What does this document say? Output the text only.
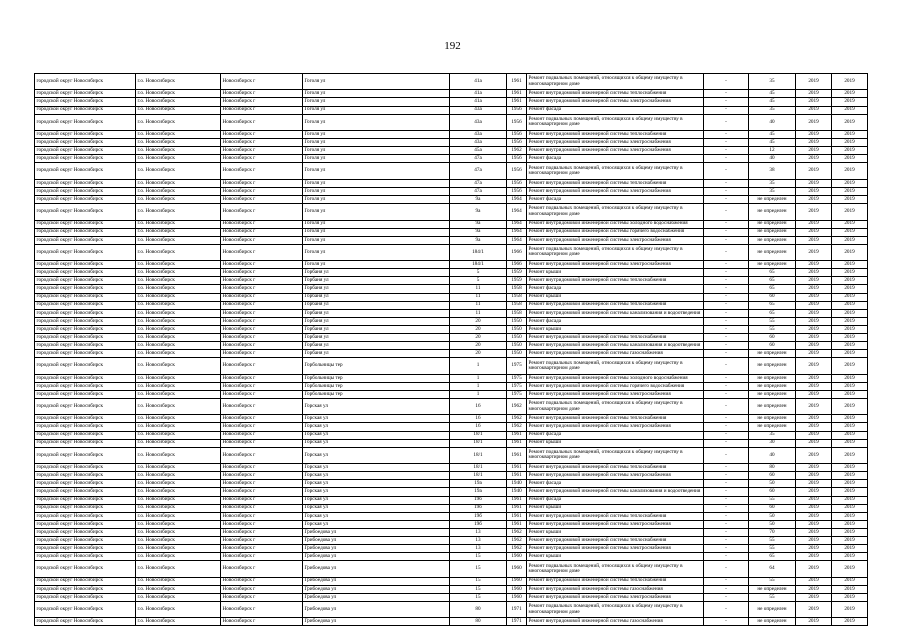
192
городской округ Новосибирск	г.о. Новосибирск	Новосибирск г	Гоголя ул	41а	1961	Ремонт подвальных помещений, относящихся к общему имуществу в многоквартирном доме	-	35	2019	2019
городской округ Новосибирск	г.о. Новосибирск	Новосибирск г	Гоголя ул	41а	1961	Ремонт внутридомовой инженерной системы теплоснабжения	-	45	2019	2019
городской округ Новосибирск	г.о. Новосибирск	Новосибирск г	Гоголя ул	41а	1961	Ремонт внутридомовой инженерной системы электроснабжения	-	45	2019	2019
городской округ Новосибирск	г.о. Новосибирск	Новосибирск г	Гоголя ул	43а	1956	Ремонт фасада	-	35	2019	2019
городской округ Новосибирск	г.о. Новосибирск	Новосибирск г	Гоголя ул	43а	1956	Ремонт подвальных помещений, относящихся к общему имуществу в многоквартирном доме	-	40	2019	2019
городской округ Новосибирск	г.о. Новосибирск	Новосибирск г	Гоголя ул	43а	1956	Ремонт внутридомовой инженерной системы теплоснабжения	-	45	2019	2019
городской округ Новосибирск	г.о. Новосибирск	Новосибирск г	Гоголя ул	43а	1956	Ремонт внутридомовой инженерной системы электроснабжения	-	45	2019	2019
городской округ Новосибирск	г.о. Новосибирск	Новосибирск г	Гоголя ул	45а	1962	Ремонт внутридомовой инженерной системы электроснабжения	-	12	2019	2019
городской округ Новосибирск	г.о. Новосибирск	Новосибирск г	Гоголя ул	47а	1956	Ремонт фасада	-	40	2019	2019
городской округ Новосибирск	г.о. Новосибирск	Новосибирск г	Гоголя ул	47а	1956	Ремонт подвальных помещений, относящихся к общему имуществу в многоквартирном доме	-	38	2019	2019
городской округ Новосибирск	г.о. Новосибирск	Новосибирск г	Гоголя ул	47а	1956	Ремонт внутридомовой инженерной системы теплоснабжения	-	35	2019	2019
городской округ Новосибирск	г.о. Новосибирск	Новосибирск г	Гоголя ул	47а	1956	Ремонт внутридомовой инженерной системы электроснабжения	-	35	2019	2019
городской округ Новосибирск	г.о. Новосибирск	Новосибирск г	Гоголя ул	9а	1964	Ремонт фасада	-	не определен	2019	2019
городской округ Новосибирск	г.о. Новосибирск	Новосибирск г	Гоголя ул	9а	1964	Ремонт подвальных помещений, относящихся к общему имуществу в многоквартирном доме	-	не определен	2019	2019
городской округ Новосибирск	г.о. Новосибирск	Новосибирск г	Гоголя ул	9а	1964	Ремонт внутридомовой инженерной системы холодного водоснабжения	-	не определен	2019	2019
городской округ Новосибирск	г.о. Новосибирск	Новосибирск г	Гоголя ул	9а	1964	Ремонт внутридомовой инженерной системы горячего водоснабжения	-	не определен	2019	2019
городской округ Новосибирск	г.о. Новосибирск	Новосибирск г	Гоголя ул	9а	1964	Ремонт внутридомовой инженерной системы электроснабжения	-	не определен	2019	2019
городской округ Новосибирск	г.о. Новосибирск	Новосибирск г	Гоголя ул	184/1	1966	Ремонт подвальных помещений, относящихся к общему имуществу в многоквартирном доме	-	не определен	2019	2019
городской округ Новосибирск	г.о. Новосибирск	Новосибирск г	Гоголя ул	184/1	1966	Ремонт внутридомовой инженерной системы электроснабжения	-	не определен	2019	2019
городской округ Новосибирск	г.о. Новосибирск	Новосибирск г	Горбаня ул	5	1959	Ремонт крыши	-	65	2019	2019
городской округ Новосибирск	г.о. Новосибирск	Новосибирск г	Горбаня ул	5	1959	Ремонт внутридомовой инженерной системы теплоснабжения	-	65	2019	2019
городской округ Новосибирск	г.о. Новосибирск	Новосибирск г	Горбаня ул	11	1958	Ремонт фасада	-	65	2019	2019
городской округ Новосибирск	г.о. Новосибирск	Новосибирск г	Горбаня ул	11	1958	Ремонт крыши	-	60	2019	2019
городской округ Новосибирск	г.о. Новосибирск	Новосибирск г	Горбаня ул	11	1958	Ремонт внутридомовой инженерной системы теплоснабжения	-	65	2019	2019
городской округ Новосибирск	г.о. Новосибирск	Новосибирск г	Горбаня ул	11	1958	Ремонт внутридомовой инженерной системы канализования и водоотведения	-	65	2019	2019
городской округ Новосибирск	г.о. Новосибирск	Новосибирск г	Горбаня ул	20	1950	Ремонт фасада	-	55	2019	2019
городской округ Новосибирск	г.о. Новосибирск	Новосибирск г	Горбаня ул	20	1950	Ремонт крыши	-	55	2019	2019
городской округ Новосибирск	г.о. Новосибирск	Новосибирск г	Горбаня ул	20	1950	Ремонт внутридомовой инженерной системы теплоснабжения	-	60	2019	2019
городской округ Новосибирск	г.о. Новосибирск	Новосибирск г	Горбаня ул	20	1950	Ремонт внутридомовой инженерной системы канализования и водоотведения	-	60	2019	2019
городской округ Новосибирск	г.о. Новосибирск	Новосибирск г	Горбаня ул	20	1950	Ремонт внутридомовой инженерной системы газоснабжения	-	не определен	2019	2019
городской округ Новосибирск	г.о. Новосибирск	Новосибирск г	Горбольницы тер	1	1975	Ремонт подвальных помещений, относящихся к общему имуществу в многоквартирном доме	-	не определен	2019	2019
городской округ Новосибирск	г.о. Новосибирск	Новосибирск г	Горбольницы тер	1	1975	Ремонт внутридомовой инженерной системы холодного водоснабжения	-	не определен	2019	2019
городской округ Новосибирск	г.о. Новосибирск	Новосибирск г	Горбольницы тер	1	1975	Ремонт внутридомовой инженерной системы горячего водоснабжения	-	не определен	2019	2019
городской округ Новосибирск	г.о. Новосибирск	Новосибирск г	Горбольницы тер	1	1975	Ремонт внутридомовой инженерной системы электроснабжения	-	не определен	2019	2019
городской округ Новосибирск	г.о. Новосибирск	Новосибирск г	Горская ул	16	1962	Ремонт подвальных помещений, относящихся к общему имуществу в многоквартирном доме	-	не определен	2019	2019
городской округ Новосибирск	г.о. Новосибирск	Новосибирск г	Горская ул	16	1962	Ремонт внутридомовой инженерной системы теплоснабжения	-	не определен	2019	2019
городской округ Новосибирск	г.о. Новосибирск	Новосибирск г	Горская ул	16	1962	Ремонт внутридомовой инженерной системы электроснабжения	-	не определен	2019	2019
городской округ Новосибирск	г.о. Новосибирск	Новосибирск г	Горская ул	18/1	1961	Ремонт фасада	-	35	2019	2019
городской округ Новосибирск	г.о. Новосибирск	Новосибирск г	Горская ул	18/1	1961	Ремонт крыши	-	30	2019	2019
городской округ Новосибирск	г.о. Новосибирск	Новосибирск г	Горская ул	18/1	1961	Ремонт подвальных помещений, относящихся к общему имуществу в многоквартирном доме	-	40	2019	2019
городской округ Новосибирск	г.о. Новосибирск	Новосибирск г	Горская ул	18/1	1961	Ремонт внутридомовой инженерной системы теплоснабжения	-	80	2019	2019
городской округ Новосибирск	г.о. Новосибирск	Новосибирск г	Горская ул	18/1	1961	Ремонт внутридомовой инженерной системы электроснабжения	-	60	2019	2019
городской округ Новосибирск	г.о. Новосибирск	Новосибирск г	Горская ул	19а	1940	Ремонт фасада	-	50	2019	2019
городской округ Новосибирск	г.о. Новосибирск	Новосибирск г	Горская ул	19а	1940	Ремонт внутридомовой инженерной системы канализования и водоотведения	-	60	2019	2019
городской округ Новосибирск	г.о. Новосибирск	Новосибирск г	Горская ул	19б	1961	Ремонт фасада	-	55	2019	2019
городской округ Новосибирск	г.о. Новосибирск	Новосибирск г	Горская ул	19б	1961	Ремонт крыши	-	60	2019	2019
городской округ Новосибирск	г.о. Новосибирск	Новосибирск г	Горская ул	19б	1961	Ремонт внутридомовой инженерной системы теплоснабжения	-	50	2019	2019
городской округ Новосибирск	г.о. Новосибирск	Новосибирск г	Горская ул	19б	1961	Ремонт внутридомовой инженерной системы электроснабжения	-	50	2019	2019
городской округ Новосибирск	г.о. Новосибирск	Новосибирск г	Грибоедова ул	13	1962	Ремонт крыши	-	70	2019	2019
городской округ Новосибирск	г.о. Новосибирск	Новосибирск г	Грибоедова ул	13	1962	Ремонт внутридомовой инженерной системы теплоснабжения	-	55	2019	2019
городской округ Новосибирск	г.о. Новосибирск	Новосибирск г	Грибоедова ул	13	1962	Ремонт внутридомовой инженерной системы электроснабжения	-	55	2019	2019
городской округ Новосибирск	г.о. Новосибирск	Новосибирск г	Грибоедова ул	15	1960	Ремонт крыши	-	65	2019	2019
городской округ Новосибирск	г.о. Новосибирск	Новосибирск г	Грибоедова ул	15	1960	Ремонт подвальных помещений, относящихся к общему имуществу в многоквартирном доме	-	64	2019	2019
городской округ Новосибирск	г.о. Новосибирск	Новосибирск г	Грибоедова ул	15	1960	Ремонт внутридомовой инженерной системы теплоснабжения	-	55	2019	2019
городской округ Новосибирск	г.о. Новосибирск	Новосибирск г	Грибоедова ул	15	1960	Ремонт внутридомовой инженерной системы газоснабжения	-	не определен	2019	2019
городской округ Новосибирск	г.о. Новосибирск	Новосибирск г	Грибоедова ул	15	1960	Ремонт внутридомовой инженерной системы электроснабжения	-	55	2019	2019
городской округ Новосибирск	г.о. Новосибирск	Новосибирск г	Грибоедова ул	80	1971	Ремонт подвальных помещений, относящихся к общему имуществу в многоквартирном доме	-	не определен	2019	2019
городской округ Новосибирск	г.о. Новосибирск	Новосибирск г	Грибоедова ул	80	1971	Ремонт внутридомовой инженерной системы газоснабжения	-	не определен	2019	2019
